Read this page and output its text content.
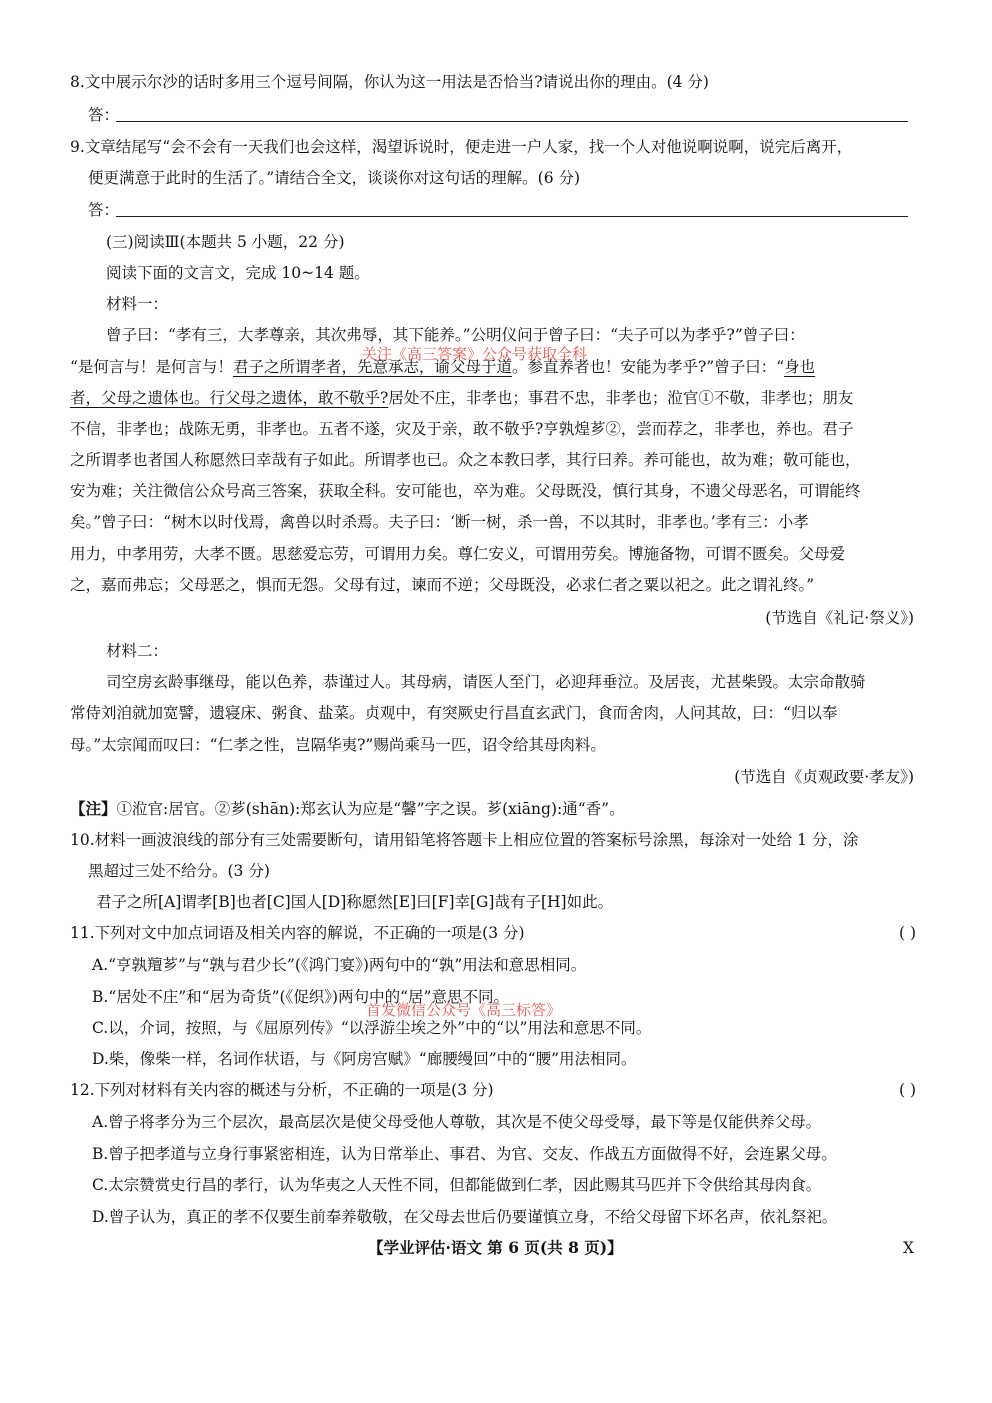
8.文中展示尔沙的话时多用三个逗号间隔，你认为这一用法是否恰当?请说出你的理由。(4 分)
答：
9.文章结尾写“会不会有一天我们也会这样，渴望诉说时，便走进一户人家，找一个人对他说啊说啊，说完后离开，
便更满意于此时的生活了。”请结合全文，谈谈你对这句话的理解。(6 分)
答：
(三)阅读Ⅲ(本题共 5 小题，22 分)
阅读下面的文言文，完成 10~14 题。
材料一：
曾子曰：“孝有三，大孝尊亲，其次弗辱，其下能养。”公明仪问于曾子曰：“夫子可以为孝乎?”曾子曰：
“是何言与！是何言与！君子之所谓孝者，先意承志，谕父母于道。参直养者也！安能为孝乎?”曾子曰：“身也
者，父母之遗体也。行父母之遗体，敢不敬乎?居处不庄，非孝也；事君不忠，非孝也；涖官①不敬，非孝也；朋友
不信，非孝也；战陈无勇，非孝也。五者不遂，灾及于亲，敢不敬乎?亨孰煌芗②，尝而荐之，非孝也，养也。君子
之所谓孝也者国人称愿然曰幸哉有子如此。所谓孝也已。众之本教曰孝，其行曰养。养可能也，故为难；敬可能也，
安为难；关注微信公众号高三答案，获取全科。安可能也，卒为难。父母既没，慎行其身，不遗父母恶名，可谓能终
矣。”曾子曰：“树木以时伐焉，禽兽以时杀焉。夫子曰：‘断一树，杀一兽，不以其时，非孝也。’孝有三：小孝
用力，中孝用劳，大孝不匮。思慈爱忘劳，可谓用力矣。尊仁安义，可谓用劳矣。博施备物，可谓不匮矣。父母爱
之，嘉而弗忘；父母恶之，惧而无怨。父母有过，谏而不逆；父母既没，必求仁者之粟以祀之。此之谓礼终。”
(节选自《礼记·祭义》)
材料二：
司空房玄龄事继母，能以色养，恭谨过人。其母病，请医人至门，必迎拜垂泣。及居丧，尤甚柴毁。太宗命散骑
常侍刘洎就加宽譬，遗寝床、粥食、盐菜。贞观中，有突厥史行昌直玄武门，食而舍肉，人问其故，曰：“归以奉
母。”太宗闻而叹曰：“仁孝之性，岂隔华夷?”赐尚乘马一匹，诏令给其母肉料。
(节选自《贞观政要·孝友》)
【注】①涖官:居官。②芗(shān):郑玄认为应是“馨”字之误。芗(xiāng):通“香”。
10.材料一画波浪线的部分有三处需要断句，请用铅笔将答题卡上相应位置的答案标号涂黑，每涂对一处给 1 分，涂
黑超过三处不给分。(3 分)
君子之所[A]谓孝[B]也者[C]国人[D]称愿然[E]曰[F]幸[G]哉有子[H]如此。
11.下列对文中加点词语及相关内容的解说，不正确的一项是(3 分)	( )
A.“亨孰羶芗”与“孰与君少长”(《鸿门宴》)两句中的“孰”用法和意思相同。
B.“居处不庄”和“居为奇货”(《促织》)两句中的“居”意思不同。
C.以，介词，按照，与《屈原列传》“以浮游尘埃之外”中的“以”用法和意思不同。
D.柴，像柴一样，名词作状语，与《阿房宫赋》“廊腰缦回”中的“腰”用法相同。
12.下列对材料有关内容的概述与分析，不正确的一项是(3 分)	( )
A.曾子将孝分为三个层次，最高层次是使父母受他人尊敬，其次是不使父母受辱，最下等是仅能供养父母。
B.曾子把孝道与立身行事紧密相连，认为日常举止、事君、为官、交友、作战五方面做得不好，会连累父母。
C.太宗赞赏史行昌的孝行，认为华夷之人天性不同，但都能做到仁孝，因此赐其马匹并下令供给其母肉食。
D.曾子认为，真正的孝不仅要生前奉养敬敬，在父母去世后仍要谨慎立身，不给父母留下坏名声，依礼祭祀。
关注《高三答案》公众号获取全科
首发微信公众号《高三标答》
【学业评估·语文 第 6 页(共 8 页)】	X
